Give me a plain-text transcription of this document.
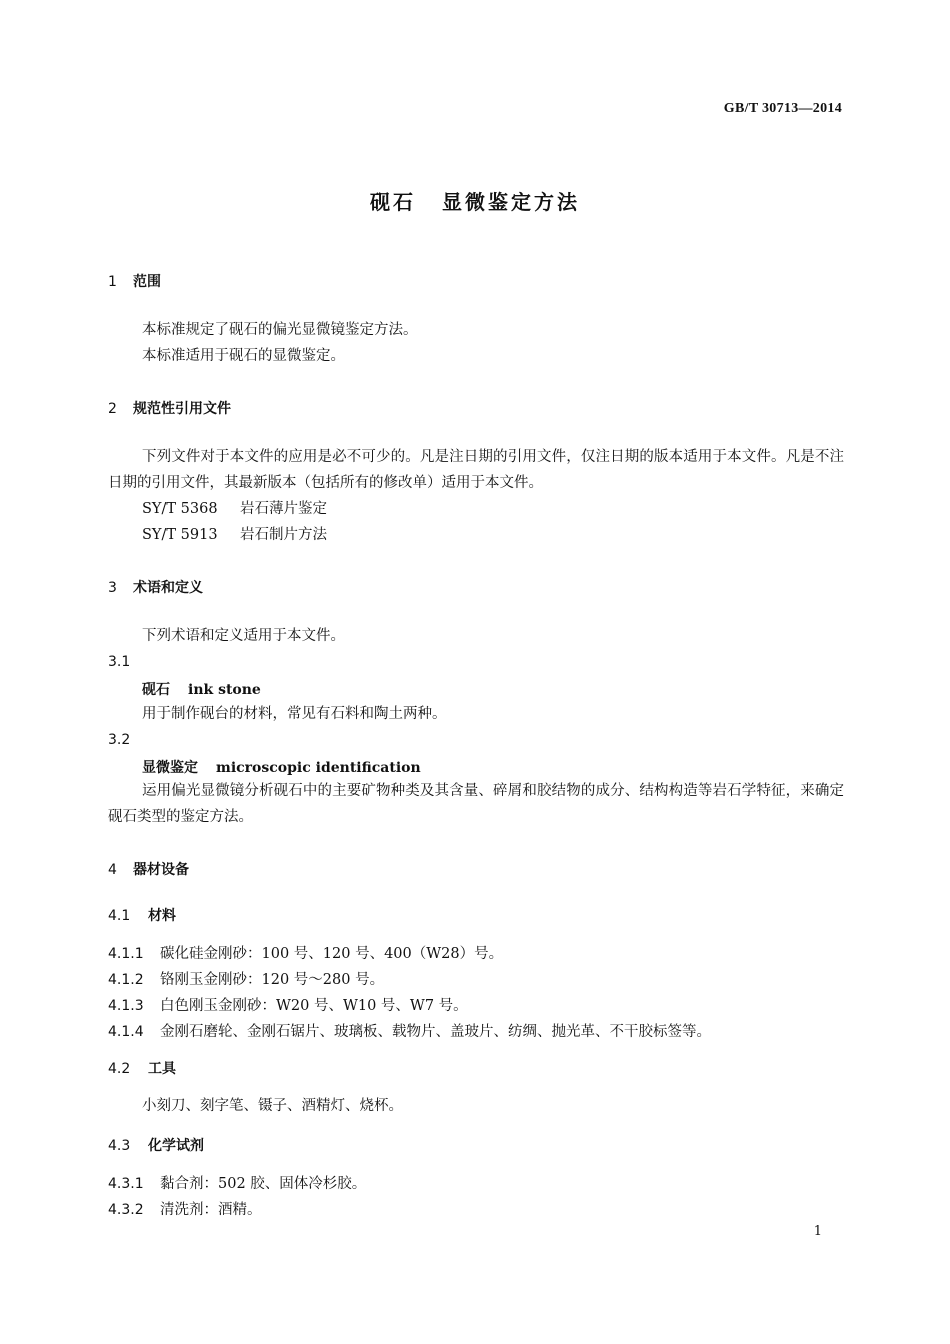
GB/T 30713—2014
砚石 显微鉴定方法
1 范围
本标准规定了砚石的偏光显微镜鉴定方法。
本标准适用于砚石的显微鉴定。
2 规范性引用文件
下列文件对于本文件的应用是必不可少的。凡是注日期的引用文件，仅注日期的版本适用于本文件。凡是不注日期的引用文件，其最新版本（包括所有的修改单）适用于本文件。
SY/T 5368 岩石薄片鉴定
SY/T 5913 岩石制片方法
3 术语和定义
下列术语和定义适用于本文件。
3.1
砚石 ink stone
用于制作砚台的材料，常见有石料和陶土两种。
3.2
显微鉴定 microscopic identification
运用偏光显微镜分析砚石中的主要矿物种类及其含量、碎屑和胶结物的成分、结构构造等岩石学特征，来确定砚石类型的鉴定方法。
4 器材设备
4.1 材料
4.1.1 碳化硅金刚砂：100 号、120 号、400（W28）号。
4.1.2 铬刚玉金刚砂：120 号～280 号。
4.1.3 白色刚玉金刚砂：W20 号、W10 号、W7 号。
4.1.4 金刚石磨轮、金刚石锯片、玻璃板、载物片、盖玻片、纺绸、抛光革、不干胶标签等。
4.2 工具
小刻刀、刻字笔、镊子、酒精灯、烧杯。
4.3 化学试剂
4.3.1 黏合剂：502 胶、固体冷杉胶。
4.3.2 清洗剂：酒精。
1
